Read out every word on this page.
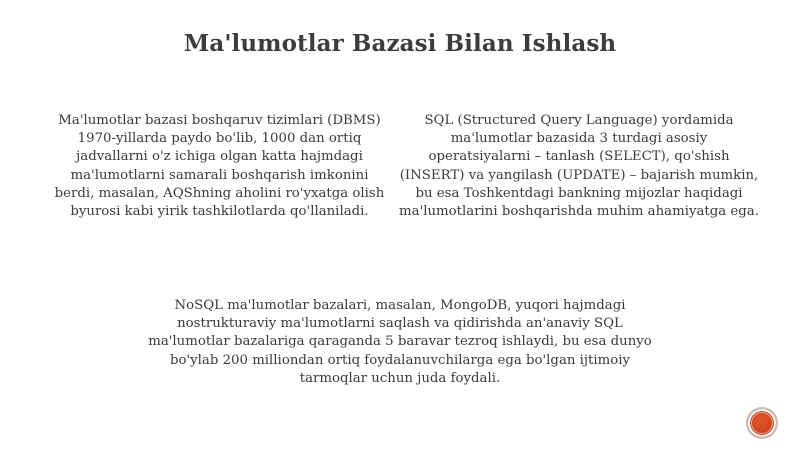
Ma'lumotlar Bazasi Bilan Ishlash
Ma'lumotlar bazasi boshqaruv tizimlari (DBMS) 1970-yillarda paydo bo'lib, 1000 dan ortiq jadvallarni o'z ichiga olgan katta hajmdagi ma'lumotlarni samarali boshqarish imkonini berdi, masalan, AQShning aholini ro'yxatga olish byurosi kabi yirik tashkilotlarda qo'llaniladi.
SQL (Structured Query Language) yordamida ma'lumotlar bazasida 3 turdagi asosiy operatsiyalarni – tanlash (SELECT), qo'shish (INSERT) va yangilash (UPDATE) – bajarish mumkin, bu esa Toshkentdagi bankning mijozlar haqidagi ma'lumotlarini boshqarishda muhim ahamiyatga ega.
NoSQL ma'lumotlar bazalari, masalan, MongoDB, yuqori hajmdagi nostrukturaviy ma'lumotlarni saqlash va qidirishda an'anaviy SQL ma'lumotlar bazalariga qaraganda 5 baravar tezroq ishlaydi, bu esa dunyo bo'ylab 200 milliondan ortiq foydalanuvchilarga ega bo'lgan ijtimoiy tarmoqlar uchun juda foydali.
